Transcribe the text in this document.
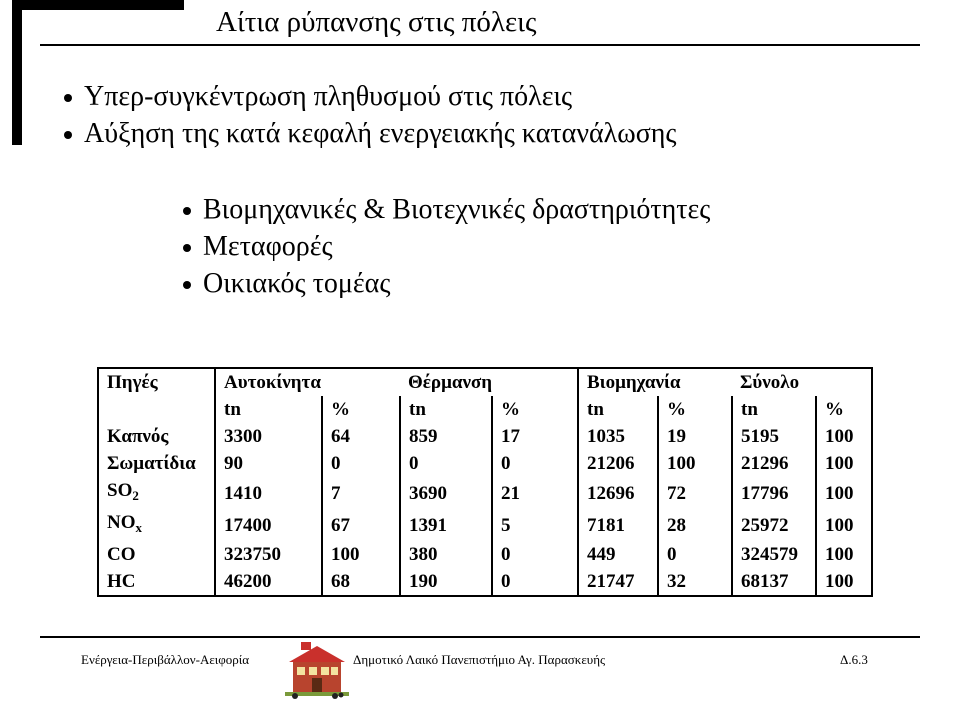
Αίτια ρύπανσης στις πόλεις
Υπερ-συγκέντρωση πληθυσμού στις πόλεις
Αύξηση της κατά κεφαλή ενεργειακής κατανάλωσης
Βιομηχανικές & Βιοτεχνικές δραστηριότητες
Μεταφορές
Οικιακός τομέας
Πηγές	Αυτοκίνητα		Θέρμανση		Βιομηχανία		Σύνολο	
	tn	%	tn	%	tn	%	tn	%
Καπνός	3300	64	859	17	1035	19	5195	100
Σωματίδια	90	0	0	0	21206	100	21296	100
$SO_2$	1410	7	3690	21	12696	72	17796	100
$NO_x$	17400	67	1391	5	7181	28	25972	100
CO	323750	100	380	0	449	0	324579	100
HC	46200	68	190	0	21747	32	68137	100
Ενέργεια-Περιβάλλον-Αειφορία	Δημοτικό Λαικό Πανεπιστήμιο Αγ. Παρασκευής	Δ.6.3
